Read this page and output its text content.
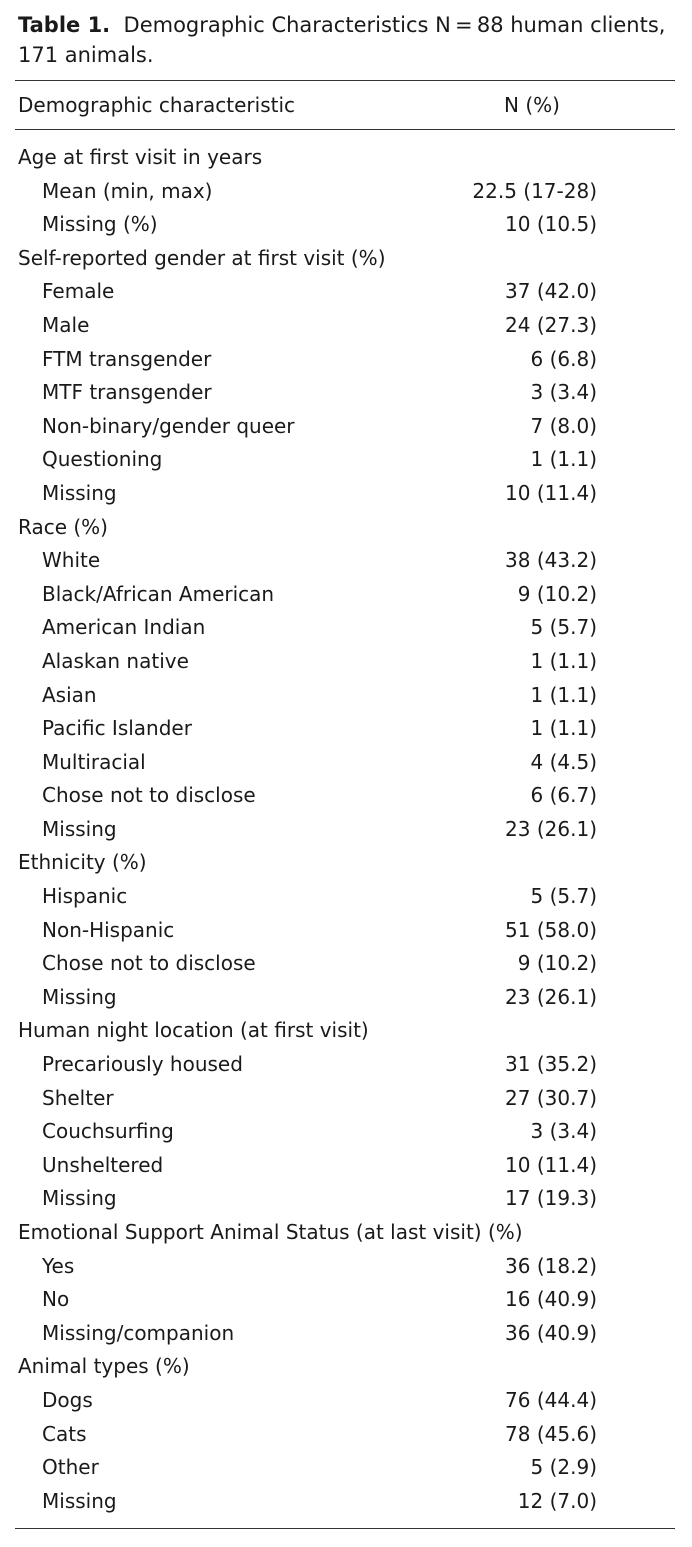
Table 1. Demographic Characteristics N = 88 human clients, 171 animals.

Demographic characteristic	N (%)
Age at first visit in years
Mean (min, max)	22.5 (17-28)
Missing (%)	10 (10.5)
Self-reported gender at first visit (%)
Female	37 (42.0)
Male	24 (27.3)
FTM transgender	6 (6.8)
MTF transgender	3 (3.4)
Non-binary/gender queer	7 (8.0)
Questioning	1 (1.1)
Missing	10 (11.4)
Race (%)
White	38 (43.2)
Black/African American	9 (10.2)
American Indian	5 (5.7)
Alaskan native	1 (1.1)
Asian	1 (1.1)
Pacific Islander	1 (1.1)
Multiracial	4 (4.5)
Chose not to disclose	6 (6.7)
Missing	23 (26.1)
Ethnicity (%)
Hispanic	5 (5.7)
Non-Hispanic	51 (58.0)
Chose not to disclose	9 (10.2)
Missing	23 (26.1)
Human night location (at first visit)
Precariously housed	31 (35.2)
Shelter	27 (30.7)
Couchsurfing	3 (3.4)
Unsheltered	10 (11.4)
Missing	17 (19.3)
Emotional Support Animal Status (at last visit) (%)
Yes	36 (18.2)
No	16 (40.9)
Missing/companion	36 (40.9)
Animal types (%)
Dogs	76 (44.4)
Cats	78 (45.6)
Other	5 (2.9)
Missing	12 (7.0)
